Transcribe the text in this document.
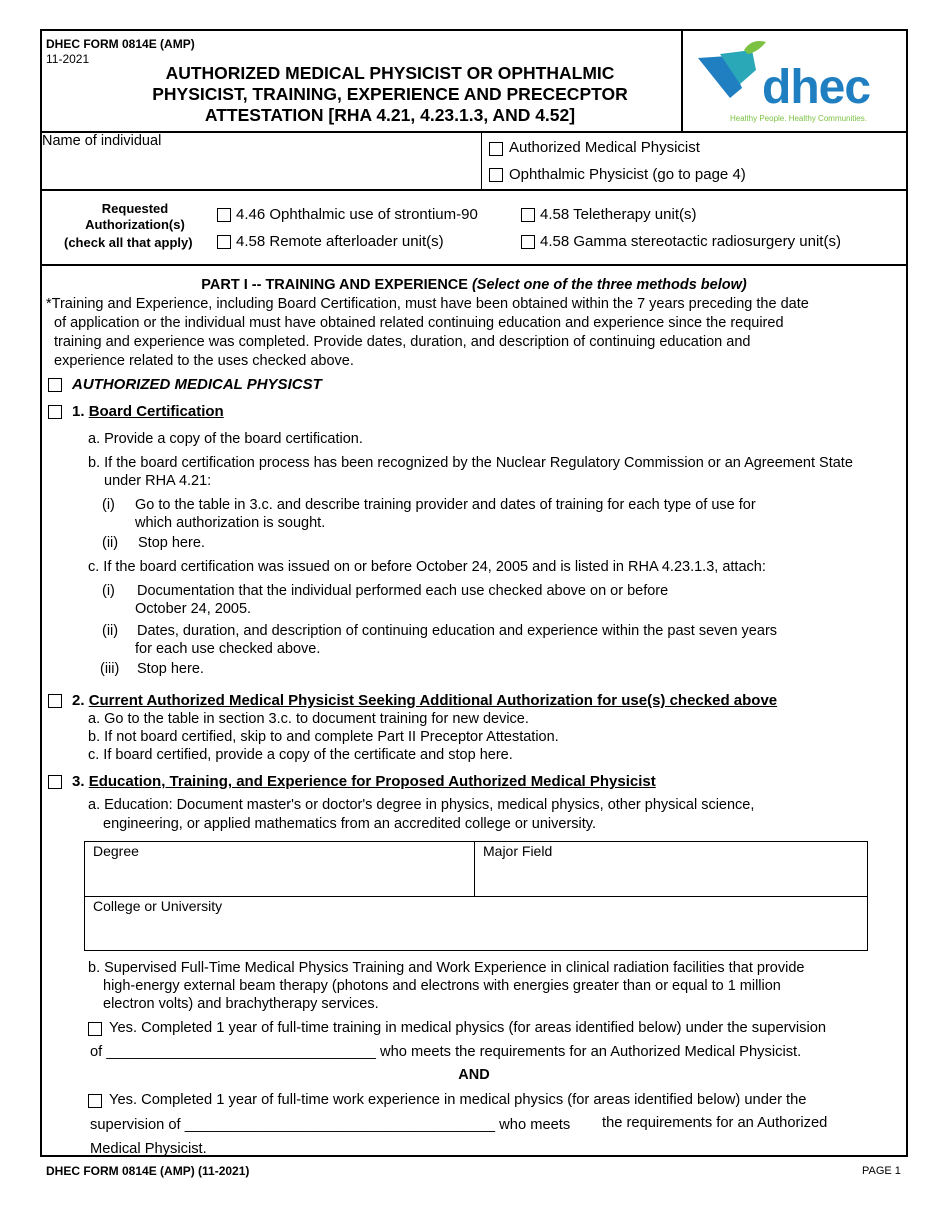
DHEC FORM 0814E (AMP)
11-2021
AUTHORIZED MEDICAL PHYSICIST OR OPHTHALMIC
PHYSICIST, TRAINING, EXPERIENCE AND PRECECPTOR
ATTESTATION [RHA 4.21, 4.23.1.3, AND 4.52]
dhec
Healthy People. Healthy Communities.
Name of individual	Authorized Medical Physicist
Ophthalmic Physicist (go to page 4)
Requested
Authorization(s)
(check all that apply)
4.46 Ophthalmic use of strontium-90
4.58 Remote afterloader unit(s)
4.58 Teletherapy unit(s)
4.58 Gamma stereotactic radiosurgery unit(s)
PART I -- TRAINING AND EXPERIENCE (Select one of the three methods below)
*Training and Experience, including Board Certification, must have been obtained within the 7 years preceding the date
of application or the individual must have obtained related continuing education and experience since the required
training and experience was completed. Provide dates, duration, and description of continuing education and
experience related to the uses checked above.
AUTHORIZED MEDICAL PHYSICST
1. Board Certification
a. Provide a copy of the board certification.
b. If the board certification process has been recognized by the Nuclear Regulatory Commission or an Agreement State
under RHA 4.21:
(i) Go to the table in 3.c. and describe training provider and dates of training for each type of use for
which authorization is sought.
(ii) Stop here.
c. If the board certification was issued on or before October 24, 2005 and is listed in RHA 4.23.1.3, attach:
(i) Documentation that the individual performed each use checked above on or before
October 24, 2005.
(ii) Dates, duration, and description of continuing education and experience within the past seven years
for each use checked above.
(iii) Stop here.
2. Current Authorized Medical Physicist Seeking Additional Authorization for use(s) checked above
a. Go to the table in section 3.c. to document training for new device.
b. If not board certified, skip to and complete Part II Preceptor Attestation.
c. If board certified, provide a copy of the certificate and stop here.
3. Education, Training, and Experience for Proposed Authorized Medical Physicist
a. Education: Document master's or doctor's degree in physics, medical physics, other physical science,
engineering, or applied mathematics from an accredited college or university.
Degree	Major Field
College or University
b. Supervised Full-Time Medical Physics Training and Work Experience in clinical radiation facilities that provide
high-energy external beam therapy (photons and electrons with energies greater than or equal to 1 million
electron volts) and brachytherapy services.
Yes. Completed 1 year of full-time training in medical physics (for areas identified below) under the supervision
of _________________________________ who meets the requirements for an Authorized Medical Physicist.
AND
Yes. Completed 1 year of full-time work experience in medical physics (for areas identified below) under the
supervision of ______________________________________ who meets the requirements for an Authorized
Medical Physicist.
DHEC FORM 0814E (AMP) (11-2021)	PAGE 1
